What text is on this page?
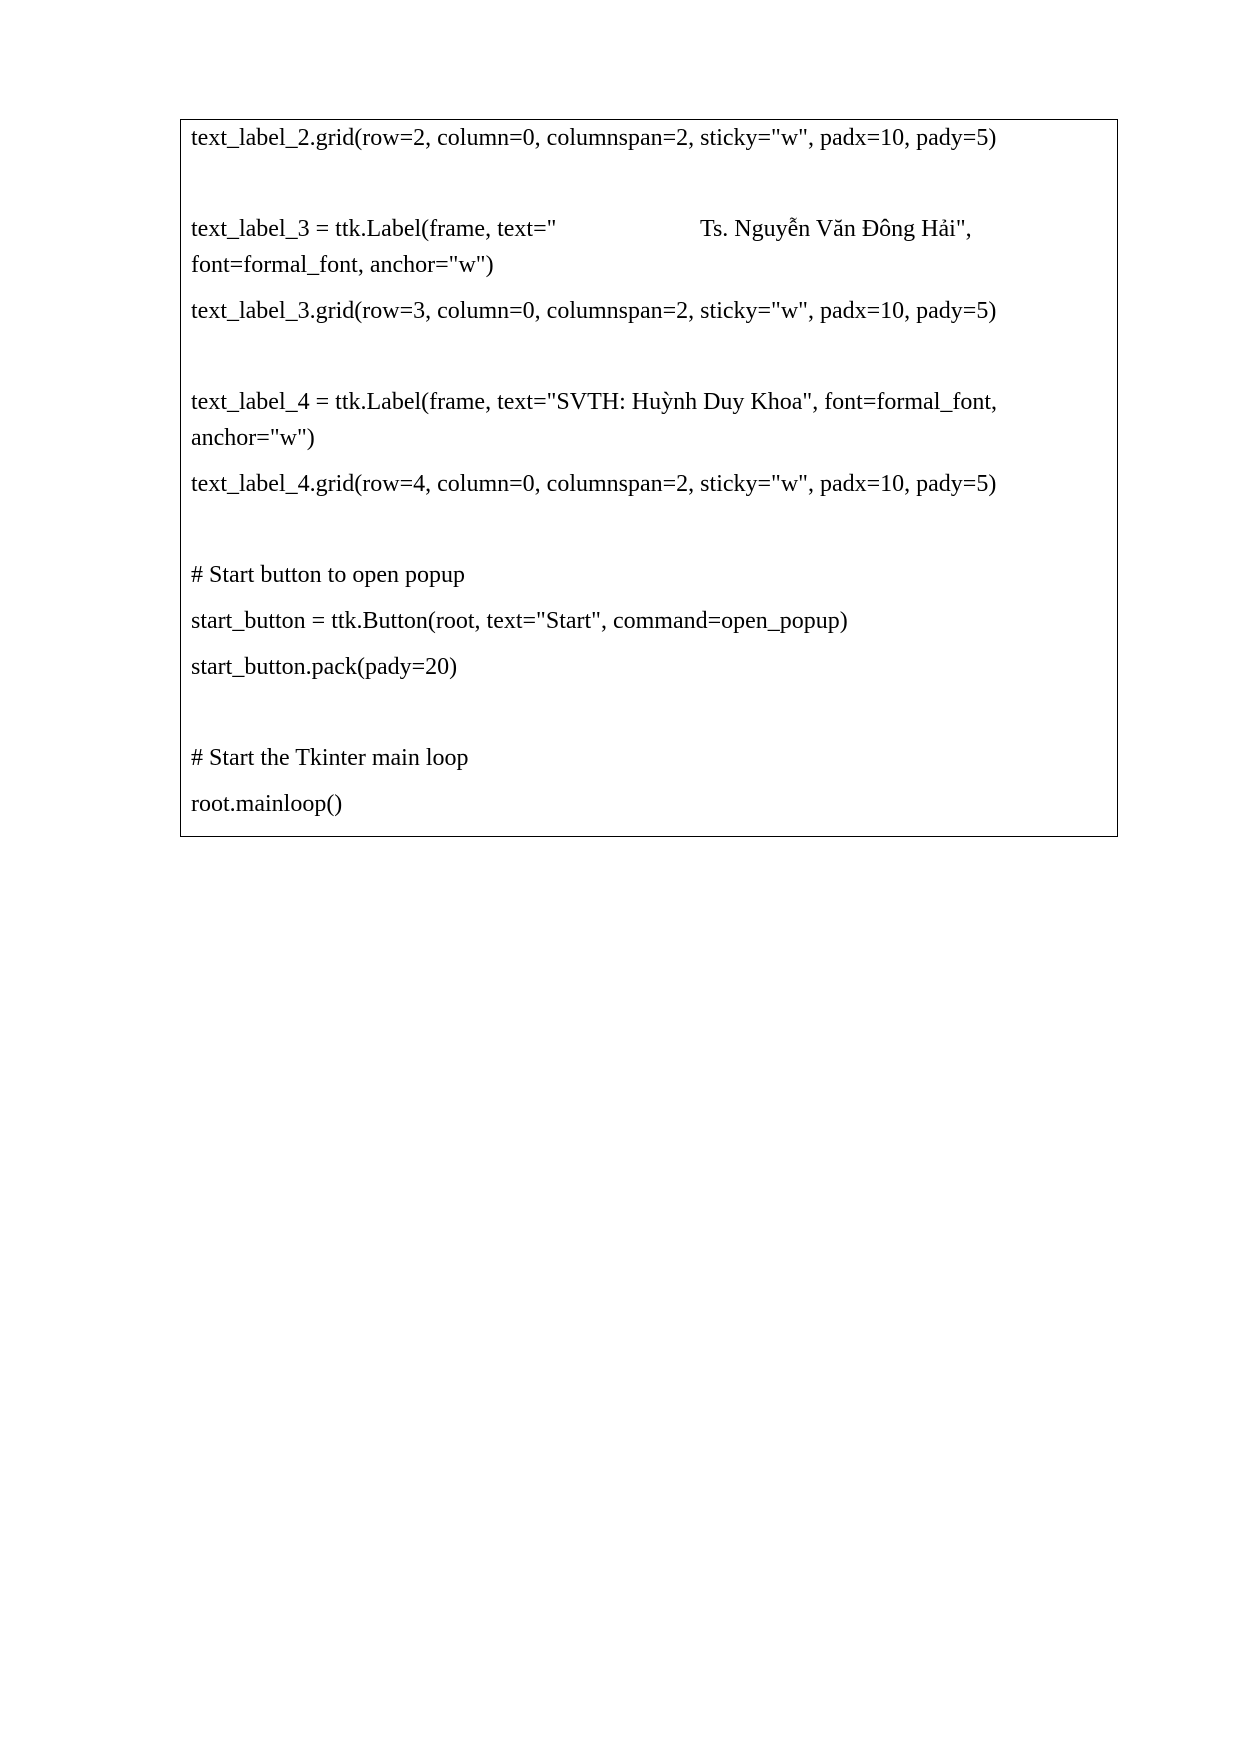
text_label_2.grid(row=2, column=0, columnspan=2, sticky="w", padx=10, pady=5)

text_label_3 = ttk.Label(frame, text="                        Ts. Nguyễn Văn Đông Hải",

font=formal_font, anchor="w")

text_label_3.grid(row=3, column=0, columnspan=2, sticky="w", padx=10, pady=5)

text_label_4 = ttk.Label(frame, text="SVTH: Huỳnh Duy Khoa", font=formal_font,

anchor="w")

text_label_4.grid(row=4, column=0, columnspan=2, sticky="w", padx=10, pady=5)

# Start button to open popup

start_button = ttk.Button(root, text="Start", command=open_popup)

start_button.pack(pady=20)

# Start the Tkinter main loop

root.mainloop()
